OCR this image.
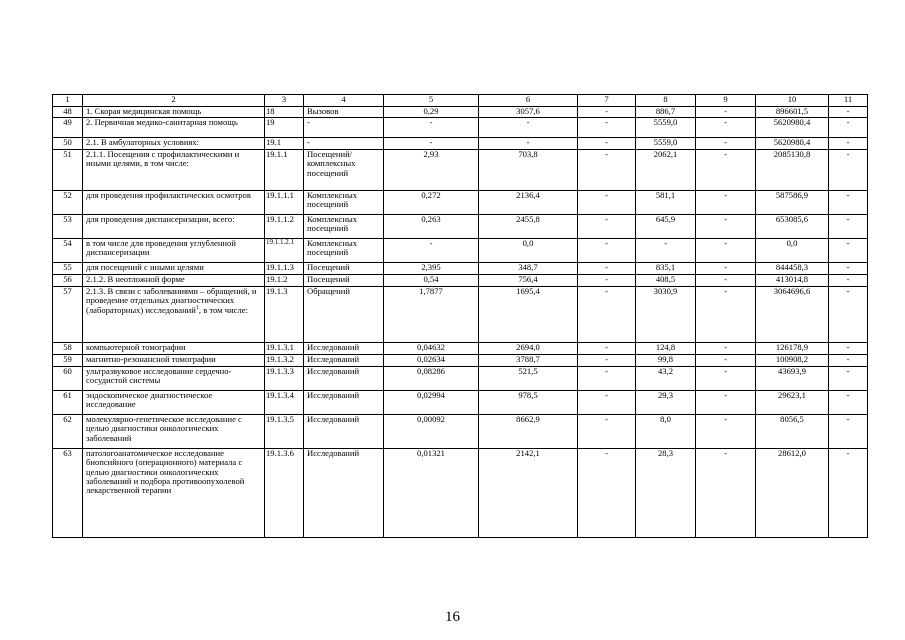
1	2	3	4	5	6	7	8	9	10	11
48	1. Скорая медицинская помощь	18	Вызовов	0,29	3057,6	-	886,7	-	896601,5	-
49	2. Первичная медико-санитарная помощь	19	-	-	-	-	5559,0	-	5620980,4	-
50	2.1. В амбулаторных условиях:	19.1	-	-	-	-	5559,0	-	5620980,4	-
51	2.1.1. Посещения с профилактическими и иными целями, в том числе:	19.1.1	Посещений/ комплексных посещений	2,93	703,8	-	2062,1	-	2085130,8	-
52	для проведения профилактических осмотров	19.1.1.1	Комплексных посещений	0,272	2136,4	-	581,1	-	587586,9	-
53	для проведения диспансеризации, всего:	19.1.1.2	Комплексных посещений	0,263	2455,8	-	645,9	-	653085,6	-
54	в том числе для проведения углубленной диспансеризации	19.1.1.2.1	Комплексных посещений	-	0,0	-	-	-	0,0	-
55	для посещений с иными целями	19.1.1.3	Посещений	2,395	348,7	-	835,1	-	844458,3	-
56	2.1.2. В неотложной форме	19.1.2	Посещений	0,54	756,4	-	408,5	-	413014,8	-
57	2.1.3. В связи с заболеваниями – обращений, и проведение отдельных диагностических (лабораторных) исследований$^1$, в том числе:	19.1.3	Обращений	1,7877	1695,4	-	3030,9	-	3064696,6	-
58	компьютерной томографии	19.1.3.1	Исследований	0,04632	2694,0	-	124,8	-	126178,9	-
59	магнитно-резонансной томографии	19.1.3.2	Исследований	0,02634	3788,7	-	99,8	-	100908,2	-
60	ультразвуковое исследование сердечно-сосудистой системы	19.1.3.3	Исследований	0,08286	521,5	-	43,2	-	43693,9	-
61	эндоскопическое диагностическое исследование	19.1.3.4	Исследований	0,02994	978,5	-	29,3	-	29623,1	-
62	молекулярно-генетическое исследование с целью диагностики онкологических заболеваний	19.1.3.5	Исследований	0,00092	8662,9	-	8,0	-	8056,5	-
63	патологоанатомическое исследование биопсийного (операционного) материала с целью диагностики онкологических заболеваний и подбора противоопухолевой лекарственной терапии	19.1.3.6	Исследований	0,01321	2142,1	-	28,3	-	28612,0	-
16
